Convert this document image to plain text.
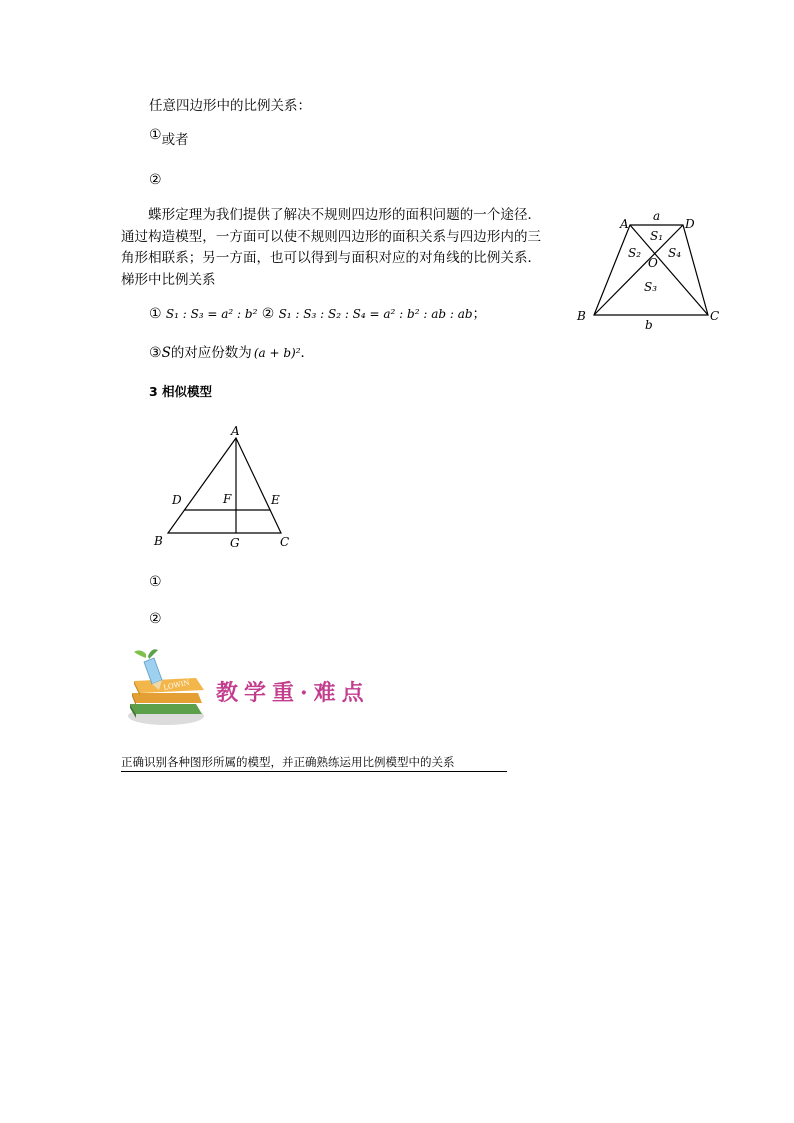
任意四边形中的比例关系：
①或者
②
蝶形定理为我们提供了解决不规则四边形的面积问题的一个途径．通过构造模型，一方面可以使不规则四边形的面积关系与四边形内的三角形相联系；另一方面，也可以得到与面积对应的对角线的比例关系．梯形中比例关系
① S₁ : S₃ = a² : b² ② S₁ : S₃ : S₂ : S₄ = a² : b² : ab : ab；
③S的对应份数为 (a + b)²．
A	D
B	C
O
a
b
S₁
S₂ S₄
S₃
3 相似模型
A
B	C
D	E
F
G
①
②
LOWIN 教学重·难点
正确识别各种图形所属的模型，并正确熟练运用比例模型中的关系
